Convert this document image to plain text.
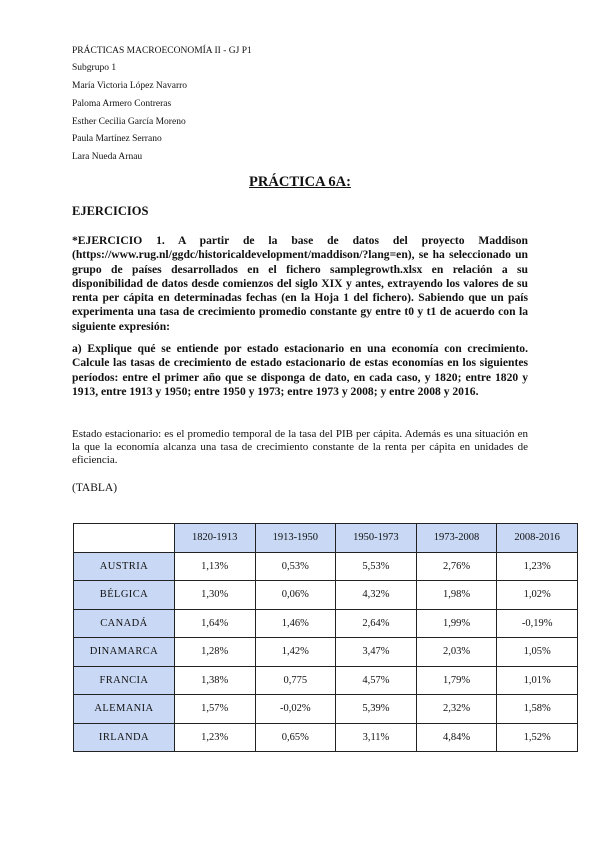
PRÁCTICAS MACROECONOMÍA II - GJ P1
Subgrupo 1
María Victoria López Navarro
Paloma Armero Contreras
Esther Cecilia García Moreno
Paula Martínez Serrano
Lara Nueda Arnau
PRÁCTICA 6A:
EJERCICIOS
*EJERCICIO 1. A partir de la base de datos del proyecto Maddison (https://www.rug.nl/ggdc/historicaldevelopment/maddison/?lang=en), se ha seleccionado un grupo de países desarrollados en el fichero samplegrowth.xlsx en relación a su disponibilidad de datos desde comienzos del siglo XIX y antes, extrayendo los valores de su renta per cápita en determinadas fechas (en la Hoja 1 del fichero). Sabiendo que un país experimenta una tasa de crecimiento promedio constante gy entre t0 y t1 de acuerdo con la siguiente expresión:
a) Explique qué se entiende por estado estacionario en una economía con crecimiento. Calcule las tasas de crecimiento de estado estacionario de estas economías en los siguientes períodos: entre el primer año que se disponga de dato, en cada caso, y 1820; entre 1820 y 1913, entre 1913 y 1950; entre 1950 y 1973; entre 1973 y 2008; y entre 2008 y 2016.
Estado estacionario: es el promedio temporal de la tasa del PIB per cápita. Además es una situación en la que la economía alcanza una tasa de crecimiento constante de la renta per cápita en unidades de eficiencia.
(TABLA)
	1820-1913	1913-1950	1950-1973	1973-2008	2008-2016
AUSTRIA	1,13%	0,53%	5,53%	2,76%	1,23%
BÉLGICA	1,30%	0,06%	4,32%	1,98%	1,02%
CANADÁ	1,64%	1,46%	2,64%	1,99%	-0,19%
DINAMARCA	1,28%	1,42%	3,47%	2,03%	1,05%
FRANCIA	1,38%	0,775	4,57%	1,79%	1,01%
ALEMANIA	1,57%	-0,02%	5,39%	2,32%	1,58%
IRLANDA	1,23%	0,65%	3,11%	4,84%	1,52%
